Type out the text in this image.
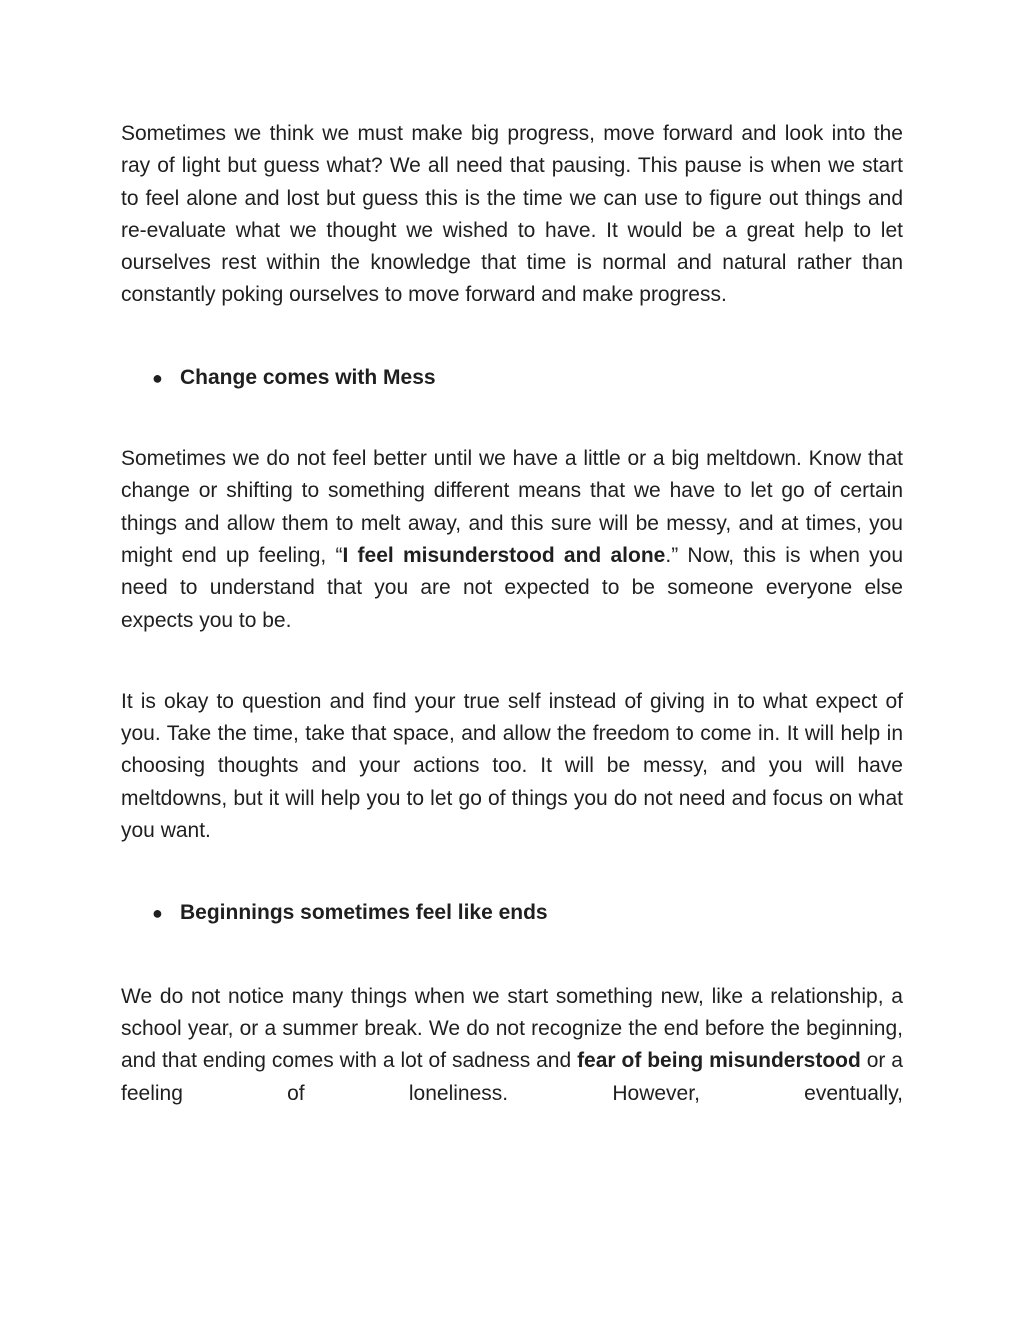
Sometimes we think we must make big progress, move forward and look into the ray of light but guess what? We all need that pausing. This pause is when we start to feel alone and lost but guess this is the time we can use to figure out things and re-evaluate what we thought we wished to have. It would be a great help to let ourselves rest within the knowledge that time is normal and natural rather than constantly poking ourselves to move forward and make progress.

● Change comes with Mess

Sometimes we do not feel better until we have a little or a big meltdown. Know that change or shifting to something different means that we have to let go of certain things and allow them to melt away, and this sure will be messy, and at times, you might end up feeling, “I feel misunderstood and alone.” Now, this is when you need to understand that you are not expected to be someone everyone else expects you to be.

It is okay to question and find your true self instead of giving in to what expect of you. Take the time, take that space, and allow the freedom to come in. It will help in choosing thoughts and your actions too. It will be messy, and you will have meltdowns, but it will help you to let go of things you do not need and focus on what you want.

● Beginnings sometimes feel like ends

We do not notice many things when we start something new, like a relationship, a school year, or a summer break. We do not recognize the end before the beginning, and that ending comes with a lot of sadness and fear of being misunderstood or a feeling of loneliness. However, eventually,
